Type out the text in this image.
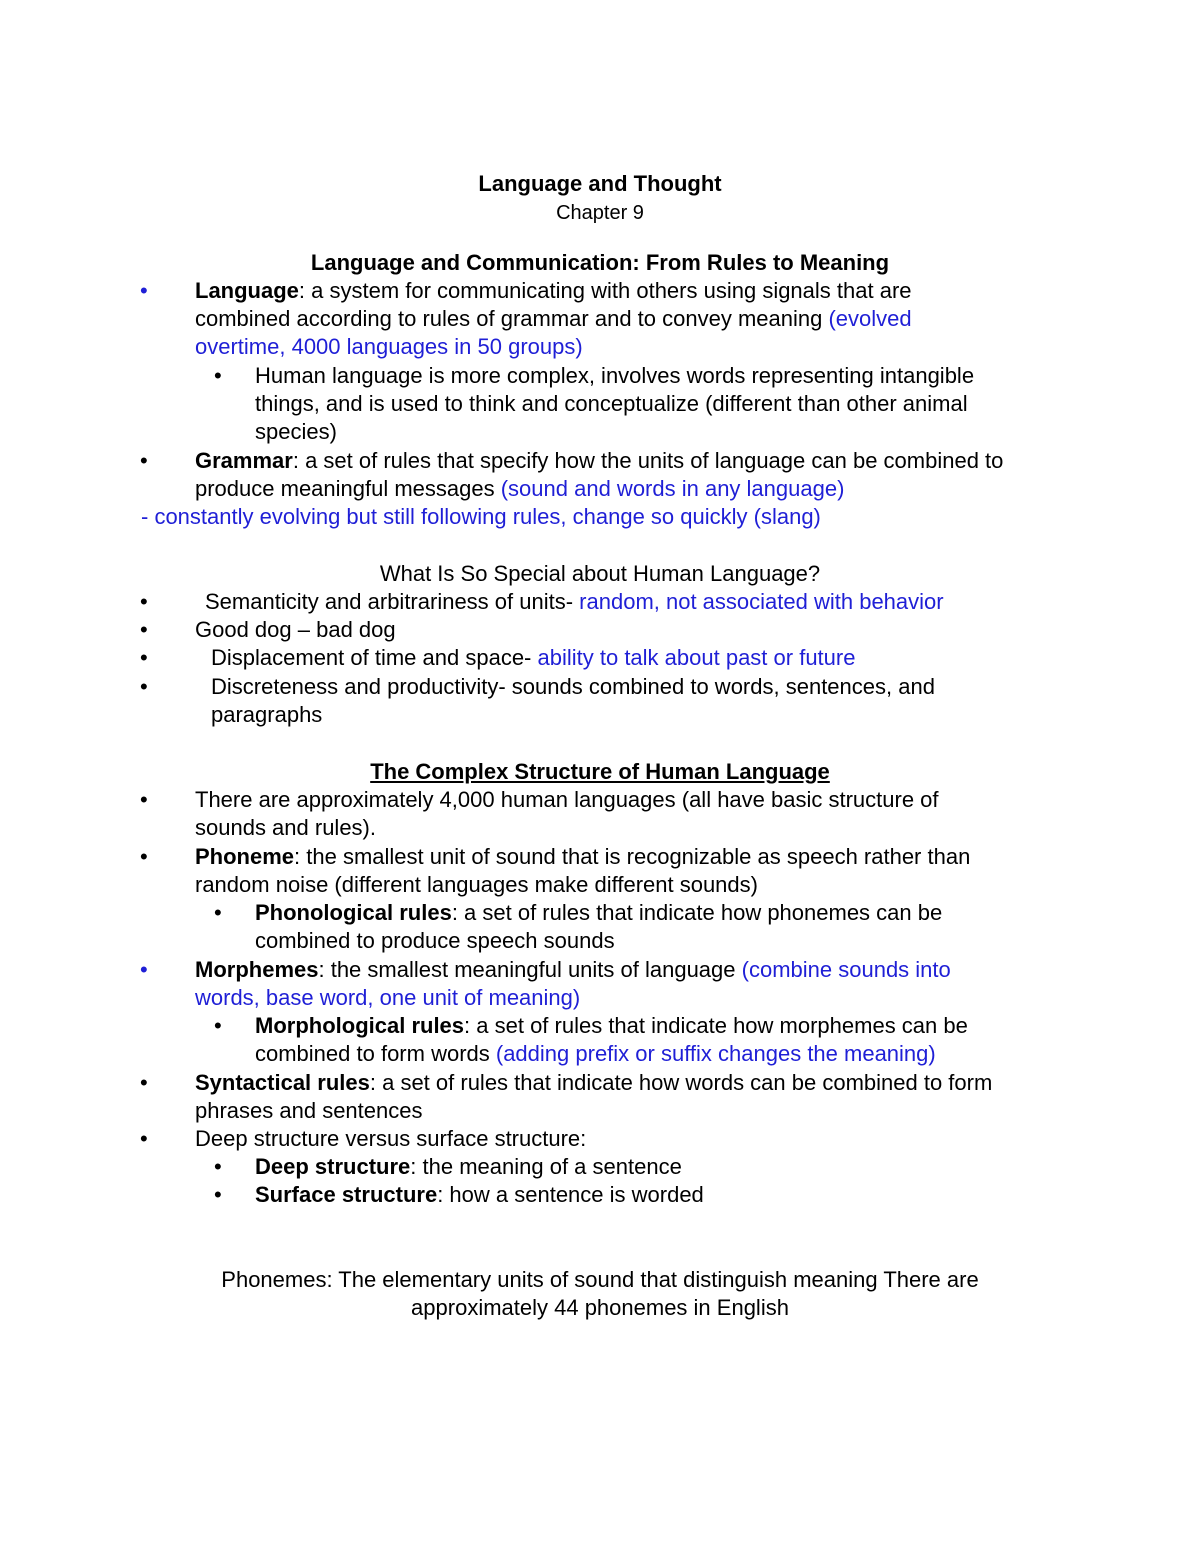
Language and Thought
Chapter 9
Language and Communication: From Rules to Meaning
• Language: a system for communicating with others using signals that are
combined according to rules of grammar and to convey meaning (evolved
overtime, 4000 languages in 50 groups)
• Human language is more complex, involves words representing intangible
things, and is used to think and conceptualize (different than other animal
species)
• Grammar: a set of rules that specify how the units of language can be combined to
produce meaningful messages (sound and words in any language)
- constantly evolving but still following rules, change so quickly (slang)
What Is So Special about Human Language?
•	Semanticity and arbitrariness of units- random, not associated with behavior
• Good dog – bad dog
•	Displacement of time and space- ability to talk about past or future
•	Discreteness and productivity- sounds combined to words, sentences, and
paragraphs
The Complex Structure of Human Language
• There are approximately 4,000 human languages (all have basic structure of
sounds and rules).
• Phoneme: the smallest unit of sound that is recognizable as speech rather than
random noise (different languages make different sounds)
• Phonological rules: a set of rules that indicate how phonemes can be
combined to produce speech sounds
• Morphemes: the smallest meaningful units of language (combine sounds into
words, base word, one unit of meaning)
• Morphological rules: a set of rules that indicate how morphemes can be
combined to form words (adding prefix or suffix changes the meaning)
• Syntactical rules: a set of rules that indicate how words can be combined to form
phrases and sentences
• Deep structure versus surface structure:
• Deep structure: the meaning of a sentence
• Surface structure: how a sentence is worded
Phonemes: The elementary units of sound that distinguish meaning There are
approximately 44 phonemes in English
